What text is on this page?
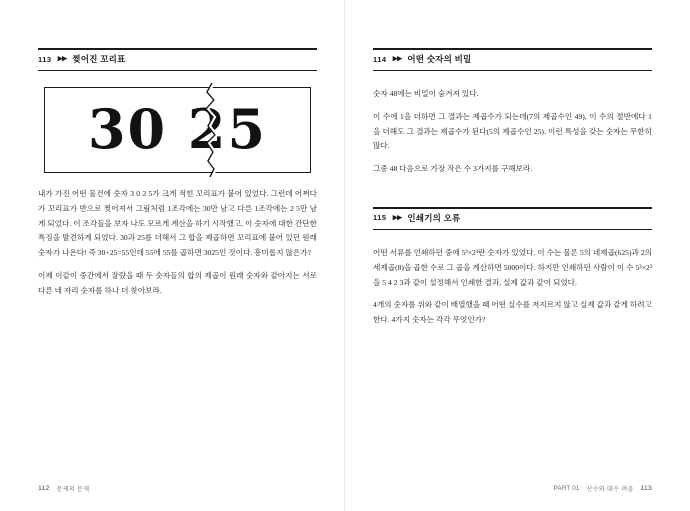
113 ▶▶ 찢어진 꼬리표
30 25

내가 가진 어떤 물건에 숫자 3 0 2 5가 크게 적힌 꼬리표가 붙어 있었다. 그런데 어쩌다가 꼬리표가 반으로 찢어져서 그림처럼 1조각에는 30만 남고 다른 1조각에는 2 5만 남게 되었다. 이 조각들을 보자 나도 모르게 계산을 하기 시작했고, 이 숫자에 대한 간단한 특징을 발견하게 되었다. 30과 25를 더해서 그 합을 제곱하면 꼬리표에 붙어 있던 원래 숫자가 나온다! 즉 30+25=55인데 55에 55를 곱하면 3025인 것이다. 흥미롭지 않은가?

이제 이같이 중간에서 잘랐을 때 두 숫자들의 합의 제곱이 원래 숫자와 같아지는 서로 다른 네 자리 숫자를 하나 더 찾아보라.

112 문제의 문제
114 ▶▶ 어떤 숫자의 비밀

숫자 48에는 비밀이 숨겨져 있다.

이 수에 1을 더하면 그 결과는 제곱수가 되는데(7의 제곱수인 49), 이 수의 절반에다 1을 더해도 그 결과는 제곱수가 된다(5의 제곱수인 25). 이런 특성을 갖는 숫자는 무한히 많다.

그중 48 다음으로 가장 작은 수 3가지를 구해보라.

115 ▶▶ 인쇄기의 오류

어떤 서류를 인쇄하던 중에 5³×2³란 숫자가 있었다. 이 수는 물론 5의 네제곱(625)과 2의 세제곱(8)을 곱한 수로 그 곱을 계산하면 5000이다. 하지만 인쇄하던 사람이 이 수 5³×2³을 5 4 2 3과 같이 설정해서 인쇄한 결과, 실제 값과 같이 되었다.

4개의 숫자를 위와 같이 배열했을 때 어떤 실수를 저지르지 않고 실제 값과 같게 하려고 한다. 4가지 숫자는 각각 무엇인가?

PART 01 산수와 대수 퍼즐 113
